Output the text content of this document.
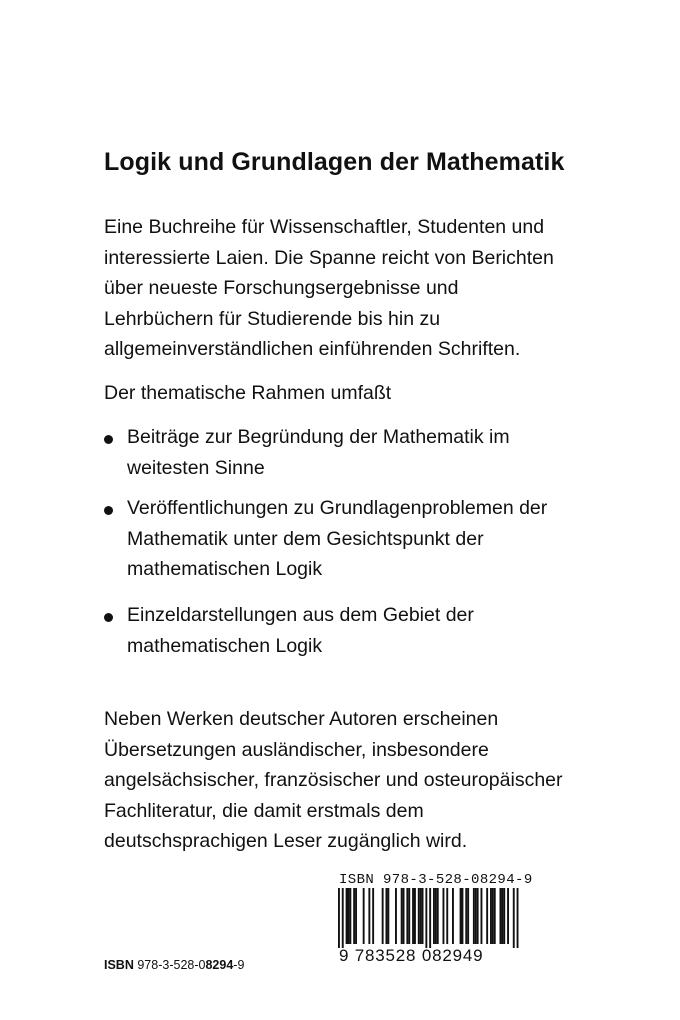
Logik und Grundlagen der Mathematik

Eine Buchreihe für Wissenschaftler, Studenten und
interessierte Laien. Die Spanne reicht von Berichten
über neueste Forschungsergebnisse und
Lehrbüchern für Studierende bis hin zu
allgemeinverständlichen einführenden Schriften.

Der thematische Rahmen umfaßt

Beiträge zur Begründung der Mathematik im
weitesten Sinne
Veröffentlichungen zu Grundlagenproblemen der
Mathematik unter dem Gesichtspunkt der
mathematischen Logik
Einzeldarstellungen aus dem Gebiet der
mathematischen Logik

Neben Werken deutscher Autoren erscheinen
Übersetzungen ausländischer, insbesondere
angelsächsischer, französischer und osteuropäischer
Fachliteratur, die damit erstmals dem
deutschsprachigen Leser zugänglich wird.

ISBN 978-3-528-08294-9
ISBN 978-3-528-08294-9
9 783528 082949
